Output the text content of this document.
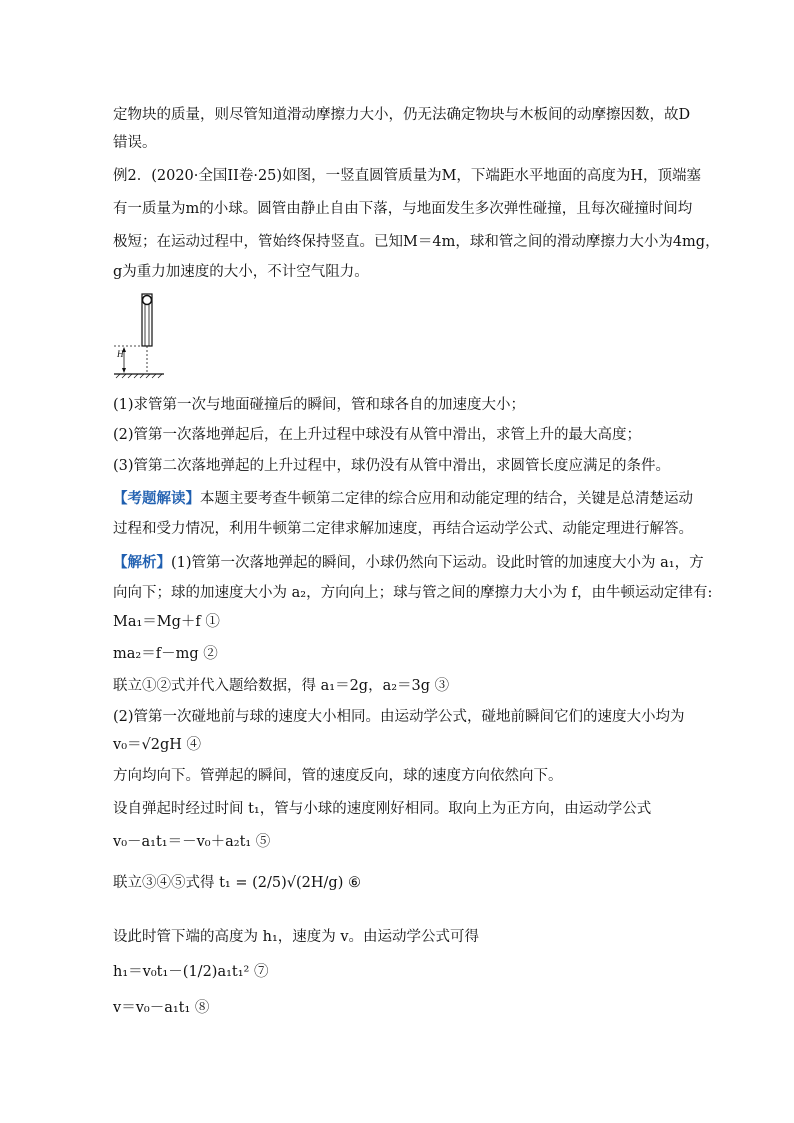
定物块的质量，则尽管知道滑动摩擦力大小，仍无法确定物块与木板间的动摩擦因数，故D
错误。
例2．(2020·全国II卷·25)如图，一竖直圆管质量为M，下端距水平地面的高度为H，顶端塞
有一质量为m的小球。圆管由静止自由下落，与地面发生多次弹性碰撞，且每次碰撞时间均
极短；在运动过程中，管始终保持竖直。已知M＝4m，球和管之间的滑动摩擦力大小为4mg，
g为重力加速度的大小，不计空气阻力。
H
(1)求管第一次与地面碰撞后的瞬间，管和球各自的加速度大小；
(2)管第一次落地弹起后，在上升过程中球没有从管中滑出，求管上升的最大高度；
(3)管第二次落地弹起的上升过程中，球仍没有从管中滑出，求圆管长度应满足的条件。
【考题解读】本题主要考查牛顿第二定律的综合应用和动能定理的结合，关键是总清楚运动
过程和受力情况，利用牛顿第二定律求解加速度，再结合运动学公式、动能定理进行解答。
【解析】(1)管第一次落地弹起的瞬间，小球仍然向下运动。设此时管的加速度大小为 a₁，方
向向下；球的加速度大小为 a₂，方向向上；球与管之间的摩擦力大小为 f，由牛顿运动定律有:
Ma₁＝Mg＋f ①
ma₂＝f－mg ②
联立①②式并代入题给数据，得 a₁＝2g，a₂＝3g ③
(2)管第一次碰地前与球的速度大小相同。由运动学公式，碰地前瞬间它们的速度大小均为
v₀＝√2gH ④
方向均向下。管弹起的瞬间，管的速度反向，球的速度方向依然向下。
设自弹起时经过时间 t₁，管与小球的速度刚好相同。取向上为正方向，由运动学公式
v₀－a₁t₁＝－v₀＋a₂t₁ ⑤
联立③④⑤式得 t₁ = (2/5)√(2H/g) ⑥
设此时管下端的高度为 h₁，速度为 v。由运动学公式可得
h₁＝v₀t₁－(1/2)a₁t₁² ⑦
v＝v₀－a₁t₁ ⑧
